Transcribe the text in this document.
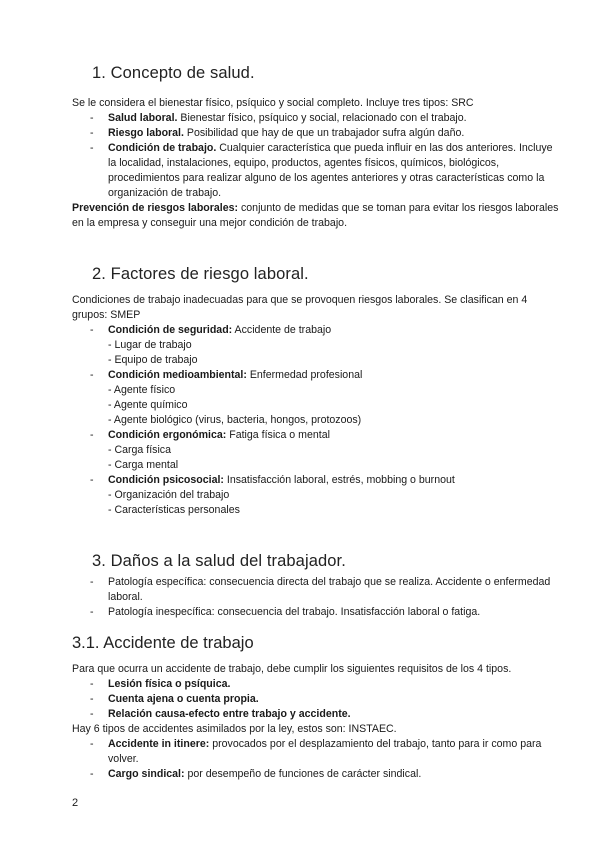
1. Concepto de salud.

Se le considera el bienestar físico, psíquico y social completo. Incluye tres tipos: SRC

- Salud laboral. Bienestar físico, psíquico y social, relacionado con el trabajo.
- Riesgo laboral. Posibilidad que hay de que un trabajador sufra algún daño.
- Condición de trabajo. Cualquier característica que pueda influir en las dos anteriores. Incluye la localidad, instalaciones, equipo, productos, agentes físicos, químicos, biológicos, procedimientos para realizar alguno de los agentes anteriores y otras características como la organización de trabajo.

Prevención de riesgos laborales: conjunto de medidas que se toman para evitar los riesgos laborales en la empresa y conseguir una mejor condición de trabajo.

2. Factores de riesgo laboral.

Condiciones de trabajo inadecuadas para que se provoquen riesgos laborales. Se clasifican en 4 grupos: SMEP

- Condición de seguridad: Accidente de trabajo
- Lugar de trabajo
- Equipo de trabajo
- Condición medioambiental: Enfermedad profesional
- Agente físico
- Agente químico
- Agente biológico (virus, bacteria, hongos, protozoos)
- Condición ergonómica: Fatiga física o mental
- Carga física
- Carga mental
- Condición psicosocial: Insatisfacción laboral, estrés, mobbing o burnout
- Organización del trabajo
- Características personales
3. Daños a la salud del trabajador.
- Patología específica: consecuencia directa del trabajo que se realiza. Accidente o enfermedad laboral.
- Patología inespecífica: consecuencia del trabajo. Insatisfacción laboral o fatiga.
3.1. Accidente de trabajo

Para que ocurra un accidente de trabajo, debe cumplir los siguientes requisitos de los 4 tipos.

- Lesión física o psíquica.
- Cuenta ajena o cuenta propia.
- Relación causa-efecto entre trabajo y accidente.

Hay 6 tipos de accidentes asimilados por la ley, estos son: INSTAEC.

- Accidente in itinere: provocados por el desplazamiento del trabajo, tanto para ir como para volver.
- Cargo sindical: por desempeño de funciones de carácter sindical.
2
